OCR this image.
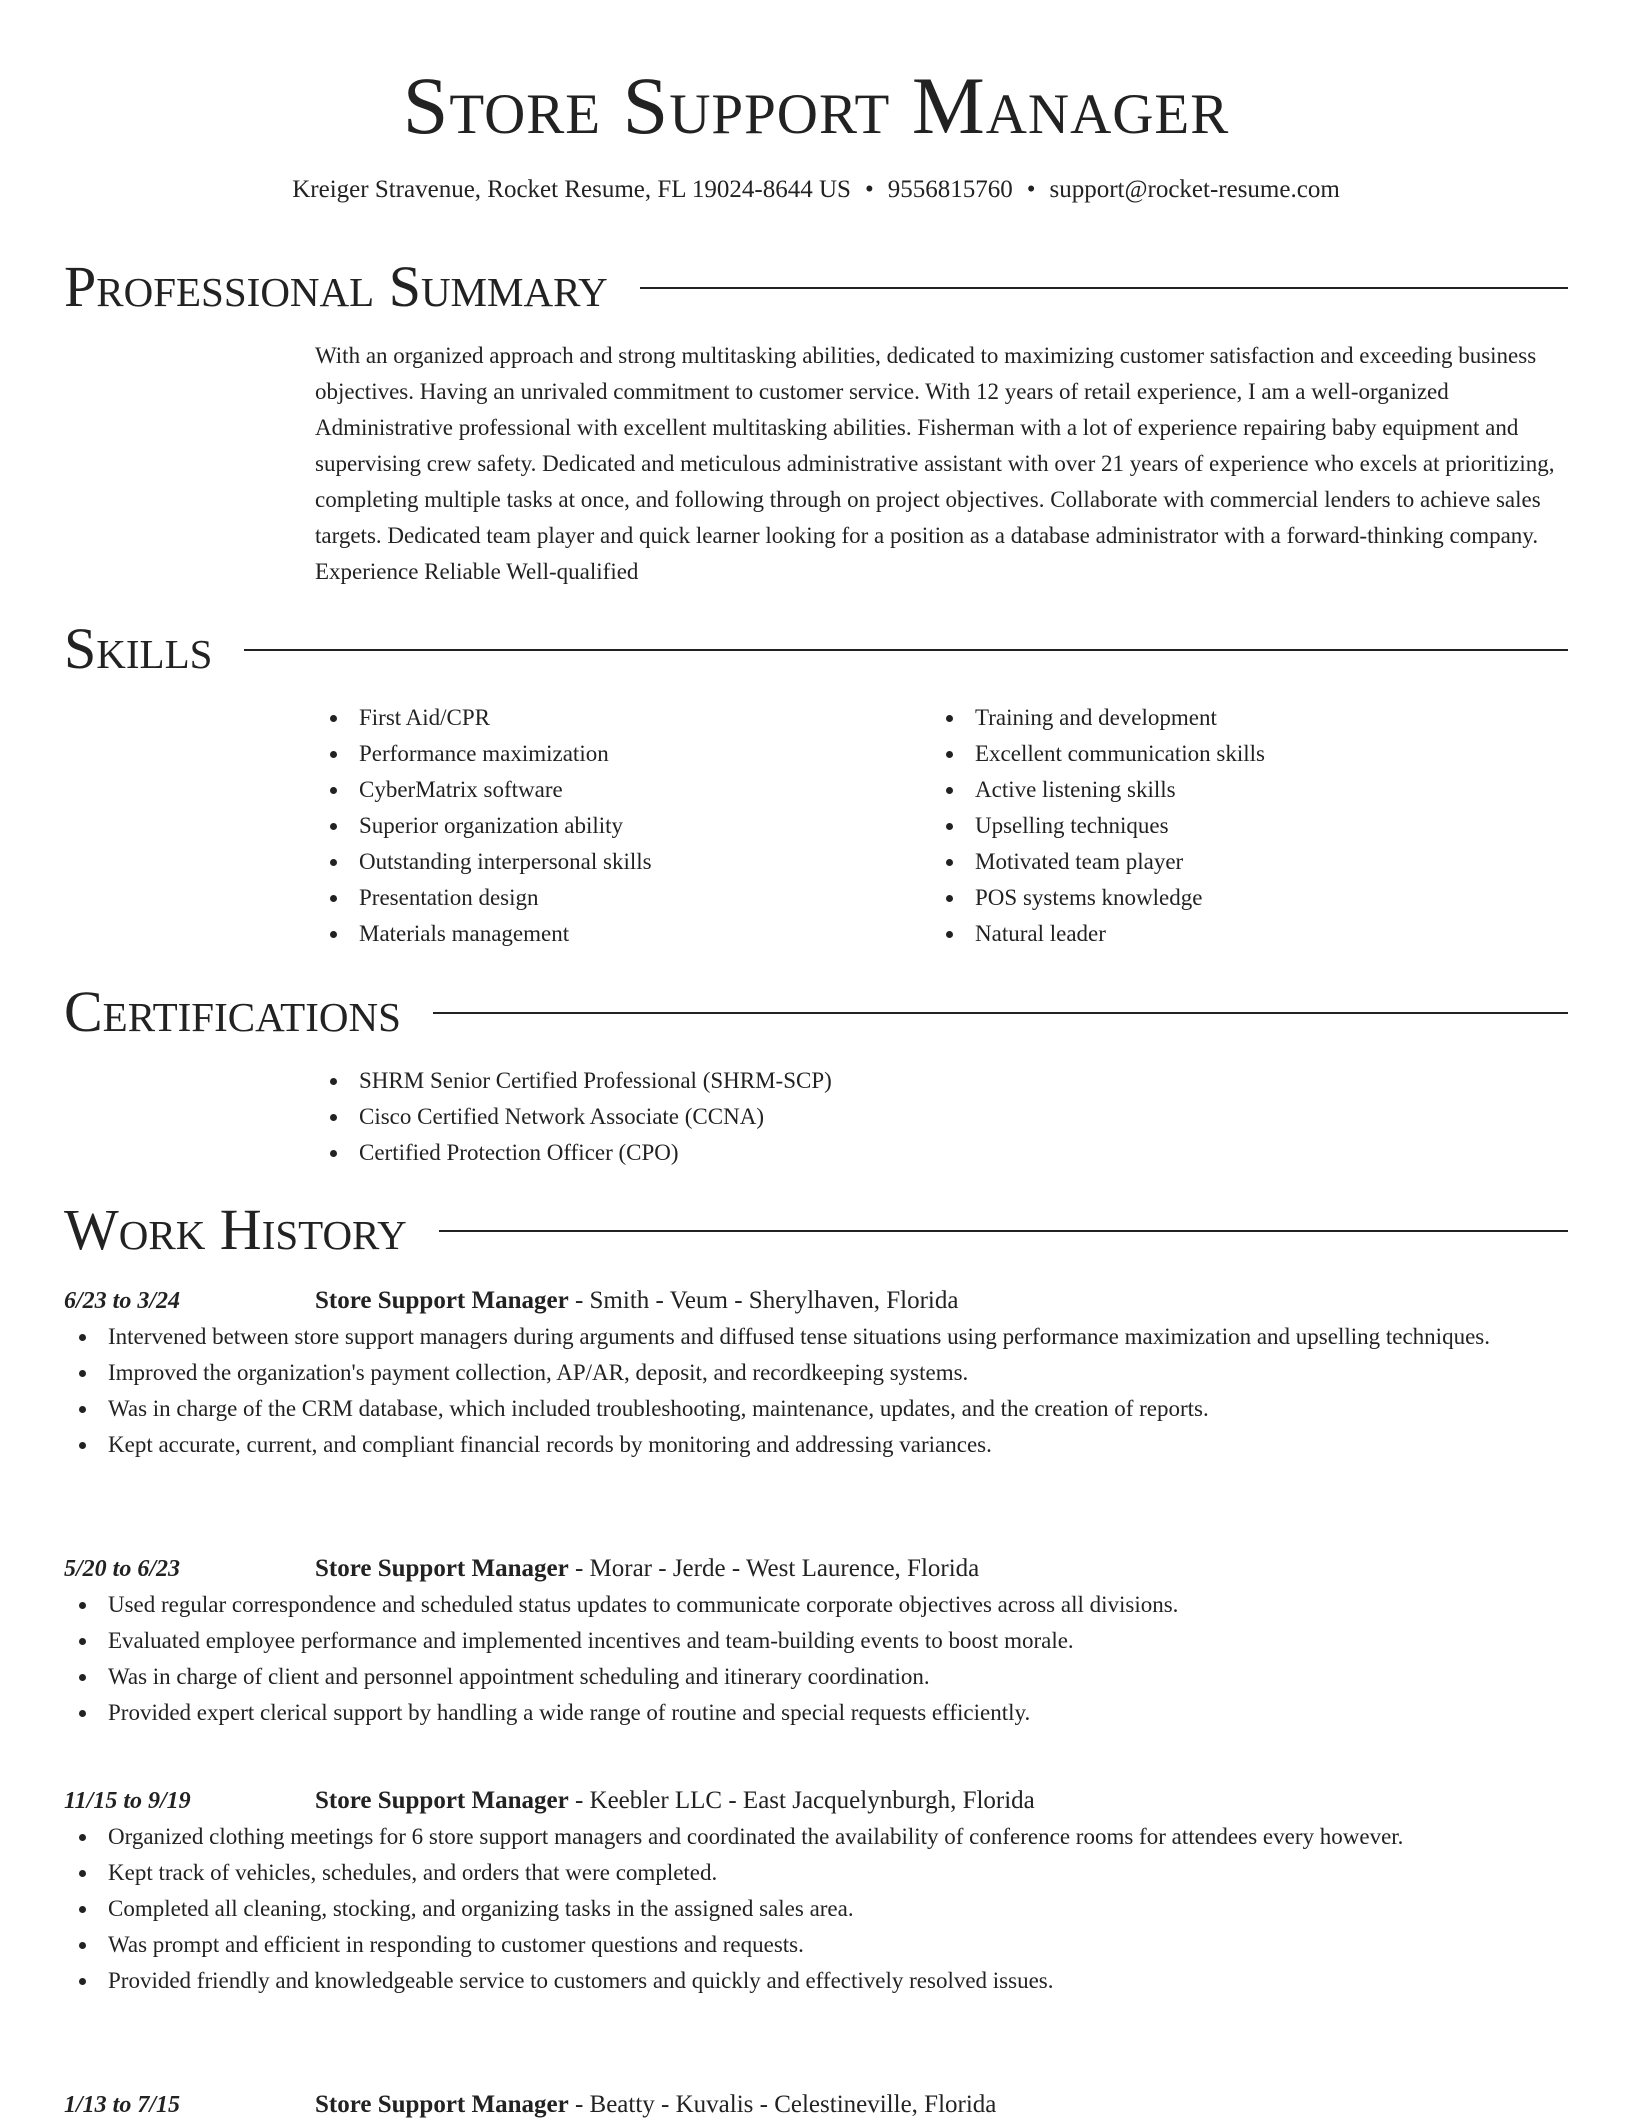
Store Support Manager
Kreiger Stravenue, Rocket Resume, FL 19024-8644 US • 9556815760 • support@rocket-resume.com
Professional Summary

With an organized approach and strong multitasking abilities, dedicated to maximizing customer satisfaction and exceeding business objectives. Having an unrivaled commitment to customer service. With 12 years of retail experience, I am a well-organized Administrative professional with excellent multitasking abilities. Fisherman with a lot of experience repairing baby equipment and supervising crew safety. Dedicated and meticulous administrative assistant with over 21 years of experience who excels at prioritizing, completing multiple tasks at once, and following through on project objectives. Collaborate with commercial lenders to achieve sales targets. Dedicated team player and quick learner looking for a position as a database administrator with a forward-thinking company. Experience Reliable Well-qualified

Skills
First Aid/CPR
Performance maximization
CyberMatrix software
Superior organization ability
Outstanding interpersonal skills
Presentation design
Materials management
Training and development
Excellent communication skills
Active listening skills
Upselling techniques
Motivated team player
POS systems knowledge
Natural leader
Certifications
SHRM Senior Certified Professional (SHRM-SCP)
Cisco Certified Network Associate (CCNA)
Certified Protection Officer (CPO)
Work History
6/23 to 3/24	Store Support Manager - Smith - Veum - Sherylhaven, Florida
Intervened between store support managers during arguments and diffused tense situations using performance maximization and upselling techniques.
Improved the organization's payment collection, AP/AR, deposit, and recordkeeping systems.
Was in charge of the CRM database, which included troubleshooting, maintenance, updates, and the creation of reports.
Kept accurate, current, and compliant financial records by monitoring and addressing variances.
5/20 to 6/23	Store Support Manager - Morar - Jerde - West Laurence, Florida
Used regular correspondence and scheduled status updates to communicate corporate objectives across all divisions.
Evaluated employee performance and implemented incentives and team-building events to boost morale.
Was in charge of client and personnel appointment scheduling and itinerary coordination.
Provided expert clerical support by handling a wide range of routine and special requests efficiently.
11/15 to 9/19	Store Support Manager - Keebler LLC - East Jacquelynburgh, Florida
Organized clothing meetings for 6 store support managers and coordinated the availability of conference rooms for attendees every however.
Kept track of vehicles, schedules, and orders that were completed.
Completed all cleaning, stocking, and organizing tasks in the assigned sales area.
Was prompt and efficient in responding to customer questions and requests.
Provided friendly and knowledgeable service to customers and quickly and effectively resolved issues.
1/13 to 7/15	Store Support Manager - Beatty - Kuvalis - Celestineville, Florida
